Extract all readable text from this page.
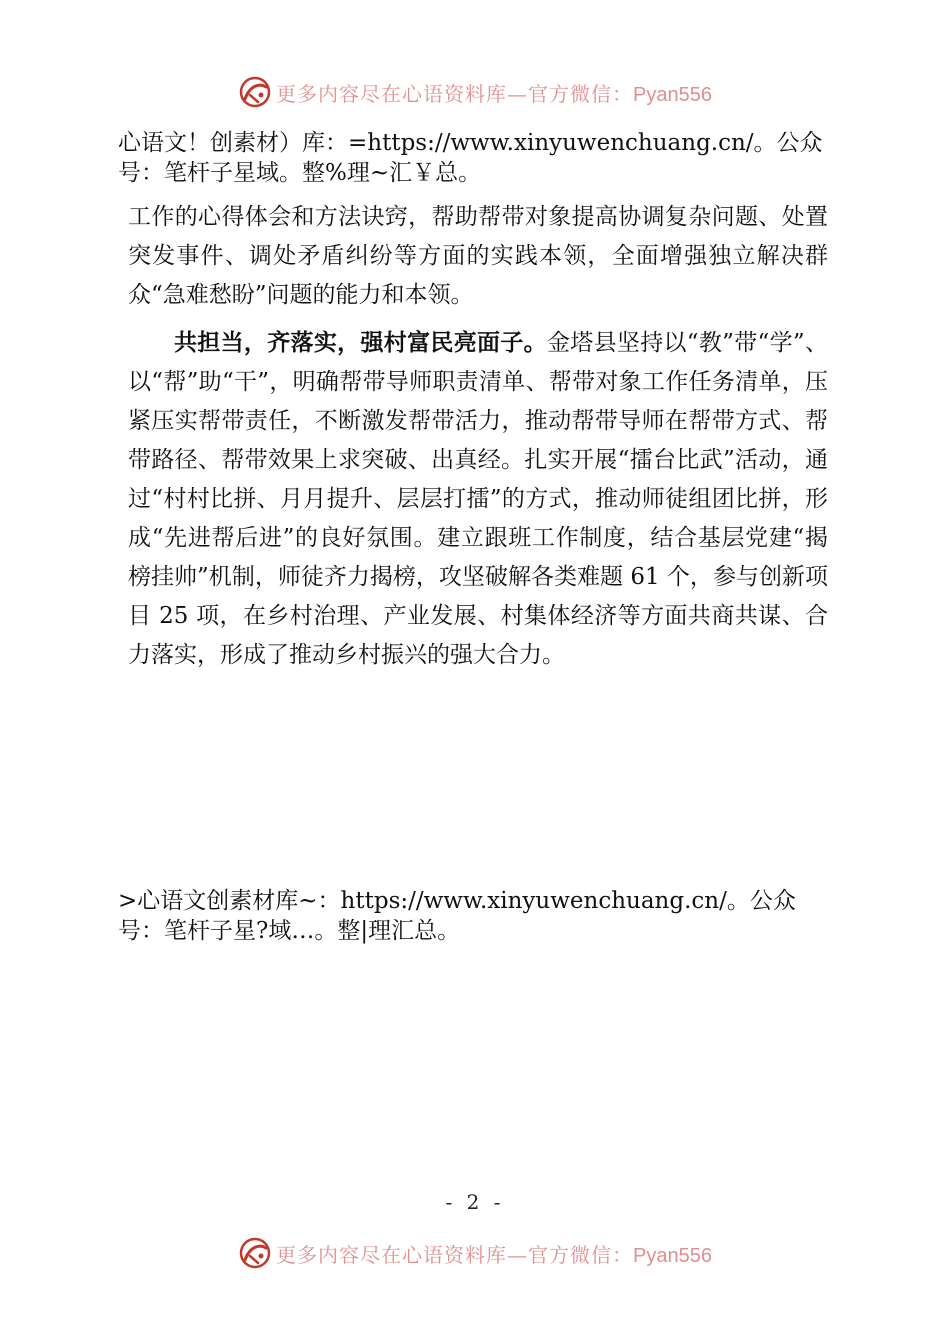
更多内容尽在心语资料库—官方微信：Pyan556
心语文！创素材）库：=https://www.xinyuwenchuang.cn/。公众号：笔杆子星域。整%理~汇￥总。
工作的心得体会和方法诀窍，帮助帮带对象提高协调复杂问题、处置突发事件、调处矛盾纠纷等方面的实践本领，全面增强独立解决群众“急难愁盼”问题的能力和本领。
共担当，齐落实，强村富民亮面子。金塔县坚持以“教”带“学”、以“帮”助“干”，明确帮带导师职责清单、帮带对象工作任务清单，压紧压实帮带责任，不断激发帮带活力，推动帮带导师在帮带方式、帮带路径、帮带效果上求突破、出真经。扎实开展“擂台比武”活动，通过“村村比拼、月月提升、层层打擂”的方式，推动师徒组团比拼，形成“先进帮后进”的良好氛围。建立跟班工作制度，结合基层党建“揭榜挂帅”机制，师徒齐力揭榜，攻坚破解各类难题 61 个，参与创新项目 25 项，在乡村治理、产业发展、村集体经济等方面共商共谋、合力落实，形成了推动乡村振兴的强大合力。
>心语文创素材库~：https://www.xinyuwenchuang.cn/。公众号：笔杆子星?域…。整|理汇总。
- 2 -
更多内容尽在心语资料库—官方微信：Pyan556
